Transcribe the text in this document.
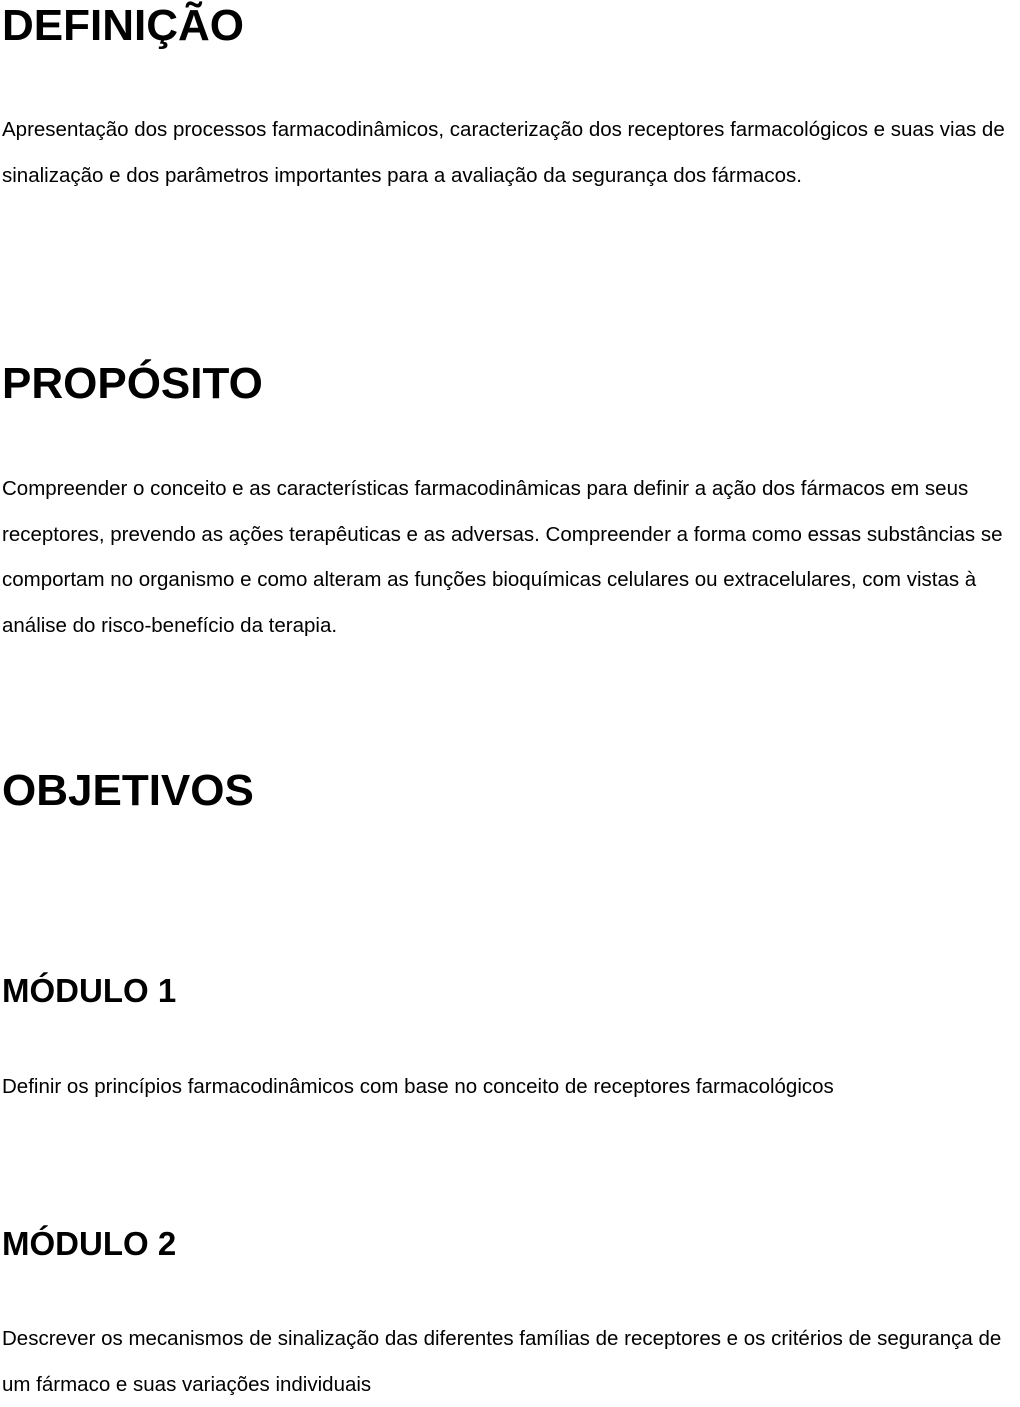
DEFINIÇÃO

Apresentação dos processos farmacodinâmicos, caracterização dos receptores farmacológicos e suas vias de sinalização e dos parâmetros importantes para a avaliação da segurança dos fármacos.

PROPÓSITO

Compreender o conceito e as características farmacodinâmicas para definir a ação dos fármacos em seus receptores, prevendo as ações terapêuticas e as adversas. Compreender a forma como essas substâncias se comportam no organismo e como alteram as funções bioquímicas celulares ou extracelulares, com vistas à análise do risco-benefício da terapia.

OBJETIVOS
MÓDULO 1

Definir os princípios farmacodinâmicos com base no conceito de receptores farmacológicos

MÓDULO 2

Descrever os mecanismos de sinalização das diferentes famílias de receptores e os critérios de segurança de um fármaco e suas variações individuais
